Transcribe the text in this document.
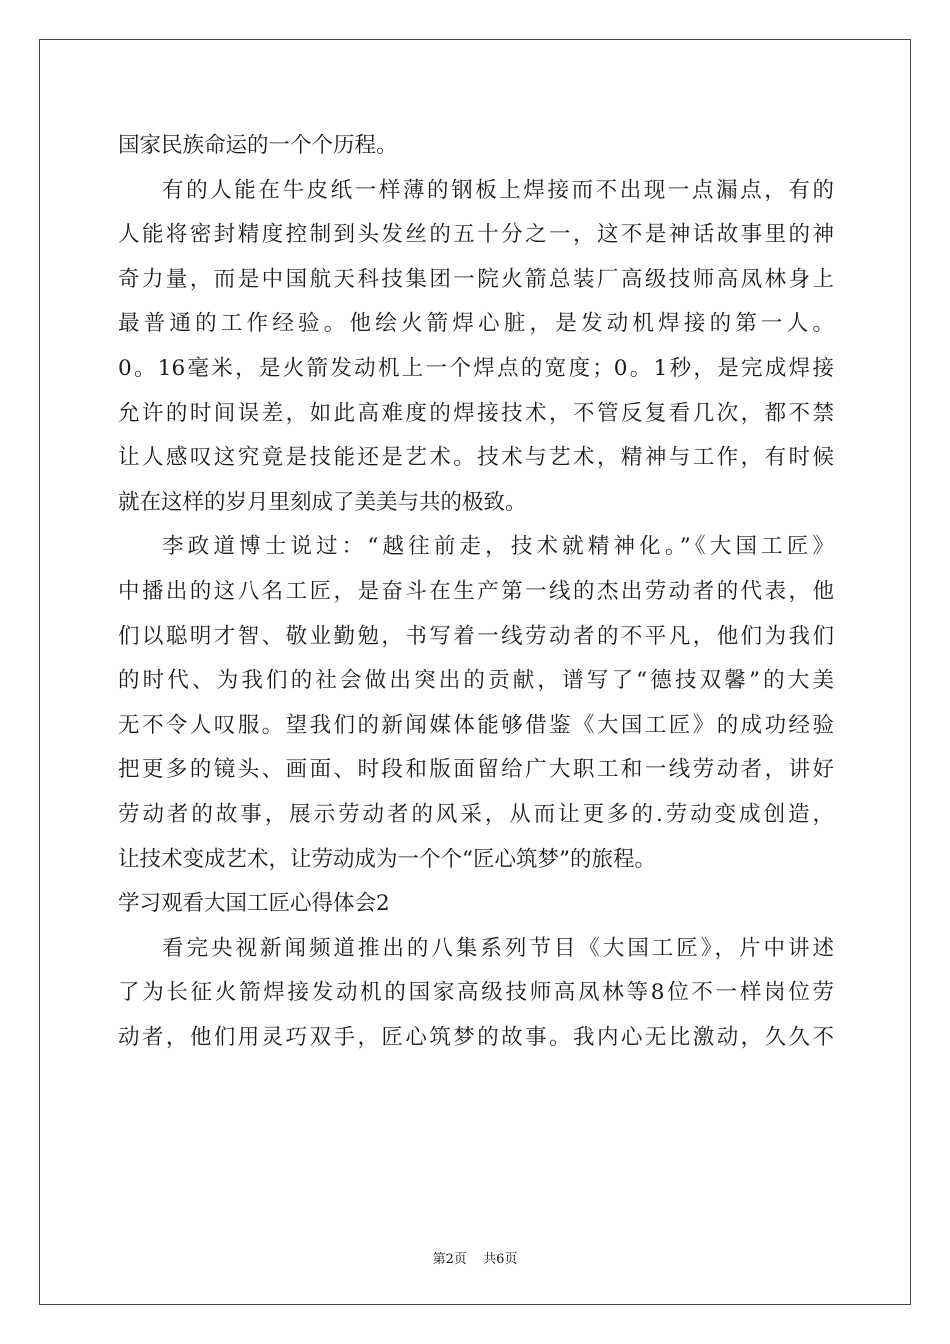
国家民族命运的一个个历程。
有的人能在牛皮纸一样薄的钢板上焊接而不出现一点漏点，有的
人能将密封精度控制到头发丝的五十分之一，这不是神话故事里的神
奇力量，而是中国航天科技集团一院火箭总装厂高级技师高凤林身上
最普通的工作经验。他绘火箭焊心脏，是发动机焊接的第一人。
0。16毫米，是火箭发动机上一个焊点的宽度；0。1秒，是完成焊接
允许的时间误差，如此高难度的焊接技术，不管反复看几次，都不禁
让人感叹这究竟是技能还是艺术。技术与艺术，精神与工作，有时候
就在这样的岁月里刻成了美美与共的极致。
李政道博士说过：“越往前走，技术就精神化。”《大国工匠》
中播出的这八名工匠，是奋斗在生产第一线的杰出劳动者的代表，他
们以聪明才智、敬业勤勉，书写着一线劳动者的不平凡，他们为我们
的时代、为我们的社会做出突出的贡献，谱写了“德技双馨”的大美
无不令人叹服。望我们的新闻媒体能够借鉴《大国工匠》的成功经验
把更多的镜头、画面、时段和版面留给广大职工和一线劳动者，讲好
劳动者的故事，展示劳动者的风采，从而让更多的.劳动变成创造，
让技术变成艺术，让劳动成为一个个“匠心筑梦”的旅程。
学习观看大国工匠心得体会2
看完央视新闻频道推出的八集系列节目《大国工匠》，片中讲述
了为长征火箭焊接发动机的国家高级技师高凤林等8位不一样岗位劳
动者，他们用灵巧双手，匠心筑梦的故事。我内心无比激动，久久不
第2页 共6页
